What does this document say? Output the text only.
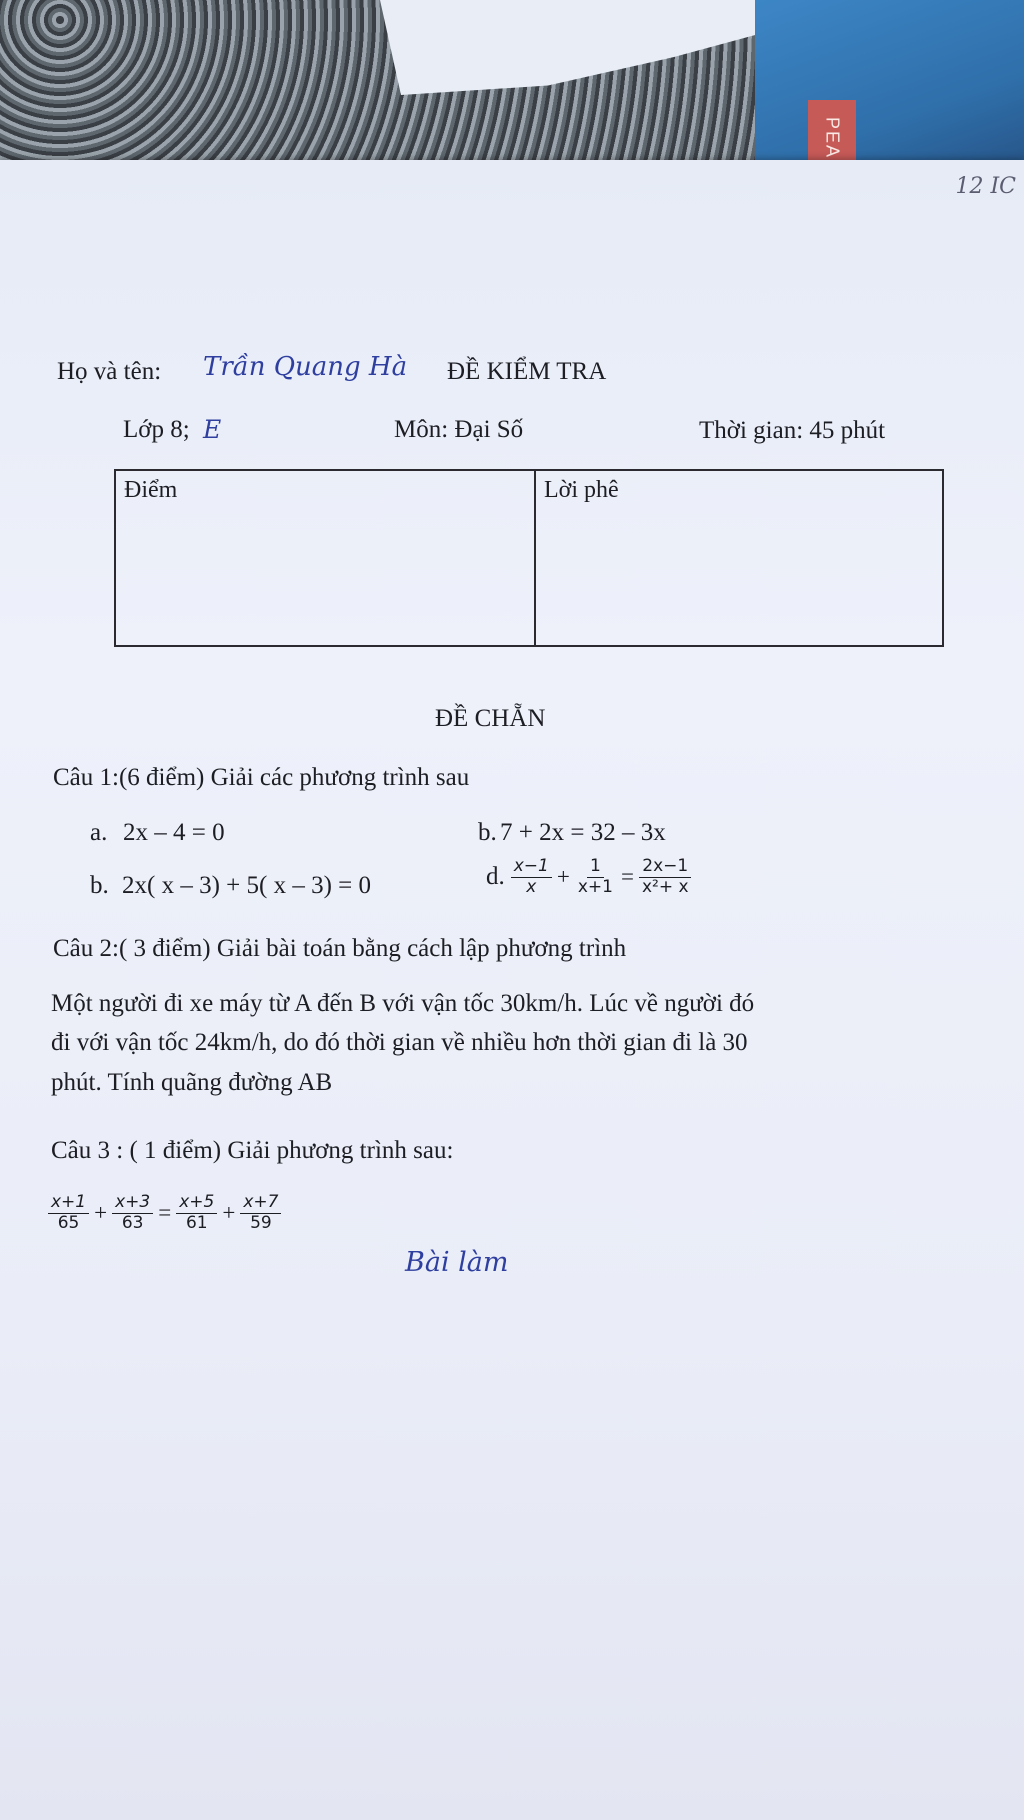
PEA
12 IC
Họ và tên: Trần Quang Hà ĐỀ KIỂM TRA
Lớp 8; E	Môn: Đại Số	Thời gian: 45 phút
Điểm	Lời phê
ĐỀ CHẴN
Câu 1:(6 điểm) Giải các phương trình sau
a. 2x – 4 = 0	b. 7 + 2x = 32 – 3x
b. 2x( x – 3) + 5( x – 3) = 0	d. $\frac{x-1}{x} + \frac{1}{x+1} = \frac{2x-1}{\text{x²+ x}}$
Câu 2:( 3 điểm) Giải bài toán bằng cách lập phương trình
Một người đi xe máy từ A đến B với vận tốc 30km/h. Lúc về người đó
đi với vận tốc 24km/h, do đó thời gian về nhiều hơn thời gian đi là 30
phút. Tính quãng đường AB
Câu 3 : ( 1 điểm) Giải phương trình sau:
$\frac{x+1}{65} + \frac{x+3}{63} = \frac{x+5}{61} + \frac{x+7}{59}$
Bài làm
